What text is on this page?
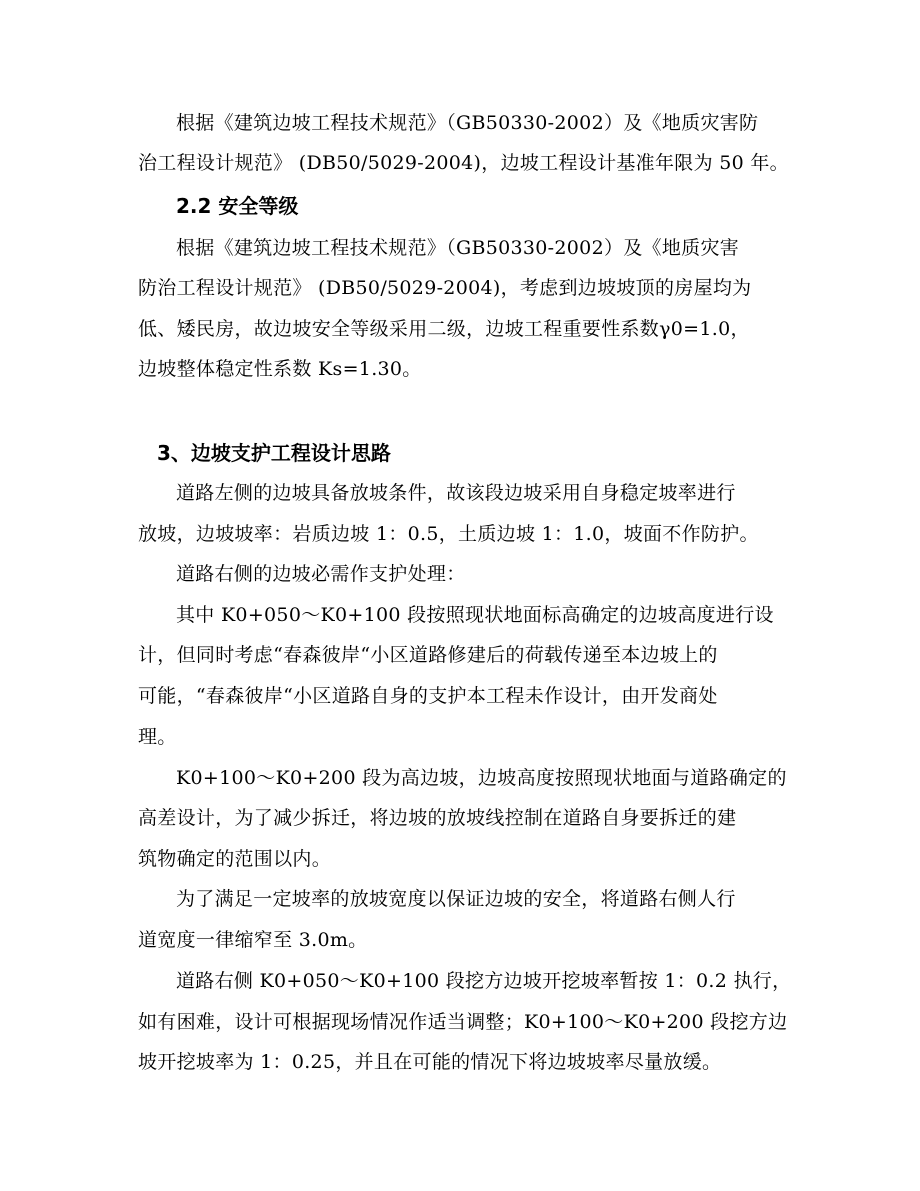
根据《建筑边坡工程技术规范》（GB50330-2002）及《地质灾害防
治工程设计规范》 (DB50/5029-2004)，边坡工程设计基准年限为 50 年。
2.2 安全等级
根据《建筑边坡工程技术规范》（GB50330-2002）及《地质灾害
防治工程设计规范》 (DB50/5029-2004)，考虑到边坡坡顶的房屋均为
低、矮民房，故边坡安全等级采用二级，边坡工程重要性系数γ0=1.0，
边坡整体稳定性系数 Ks=1.30。
3、边坡支护工程设计思路
道路左侧的边坡具备放坡条件，故该段边坡采用自身稳定坡率进行
放坡，边坡坡率：岩质边坡 1：0.5，土质边坡 1：1.0，坡面不作防护。
道路右侧的边坡必需作支护处理：
其中 K0+050～K0+100 段按照现状地面标高确定的边坡高度进行设
计，但同时考虑“春森彼岸“小区道路修建后的荷载传递至本边坡上的
可能，“春森彼岸“小区道路自身的支护本工程未作设计，由开发商处
理。
K0+100～K0+200 段为高边坡，边坡高度按照现状地面与道路确定的
高差设计，为了减少拆迁，将边坡的放坡线控制在道路自身要拆迁的建
筑物确定的范围以内。
为了满足一定坡率的放坡宽度以保证边坡的安全，将道路右侧人行
道宽度一律缩窄至 3.0m。
道路右侧 K0+050～K0+100 段挖方边坡开挖坡率暂按 1：0.2 执行，
如有困难，设计可根据现场情况作适当调整；K0+100～K0+200 段挖方边
坡开挖坡率为 1：0.25，并且在可能的情况下将边坡坡率尽量放缓。
